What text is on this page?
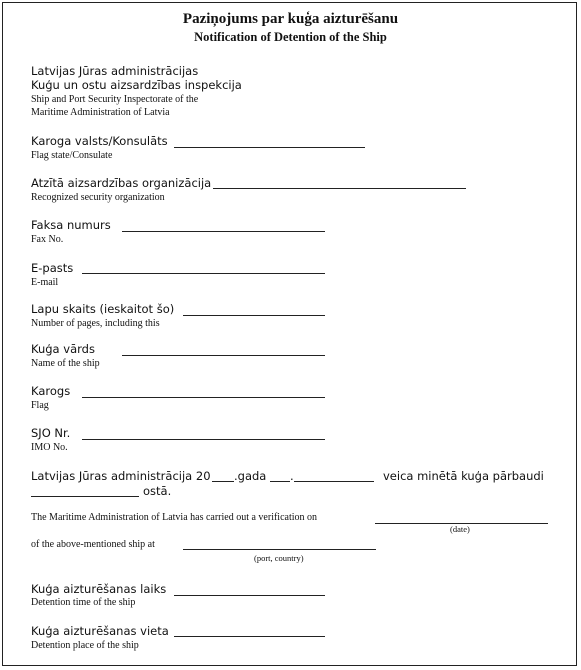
Paziņojums par kuģa aizturēšanu
Notification of Detention of the Ship
Latvijas Jūras administrācijas
Kuģu un ostu aizsardzības inspekcija
Ship and Port Security Inspectorate of the
Maritime Administration of Latvia
Karoga valsts/Konsulāts
Flag state/Consulate
Atzītā aizsardzības organizācija
Recognized security organization
Faksa numurs
Fax No.
E-pasts
E-mail
Lapu skaits (ieskaitot šo)
Number of pages, including this
Kuģa vārds
Name of the ship
Karogs
Flag
SJO Nr.
IMO No.
Latvijas Jūras administrācija 20 .gada .	veica minētā kuģa pārbaudi
ostā.
The Maritime Administration of Latvia has carried out a verification on
(date)
of the above-mentioned ship at
(port, country)
Kuģa aizturēšanas laiks
Detention time of the ship
Kuģa aizturēšanas vieta
Detention place of the ship
